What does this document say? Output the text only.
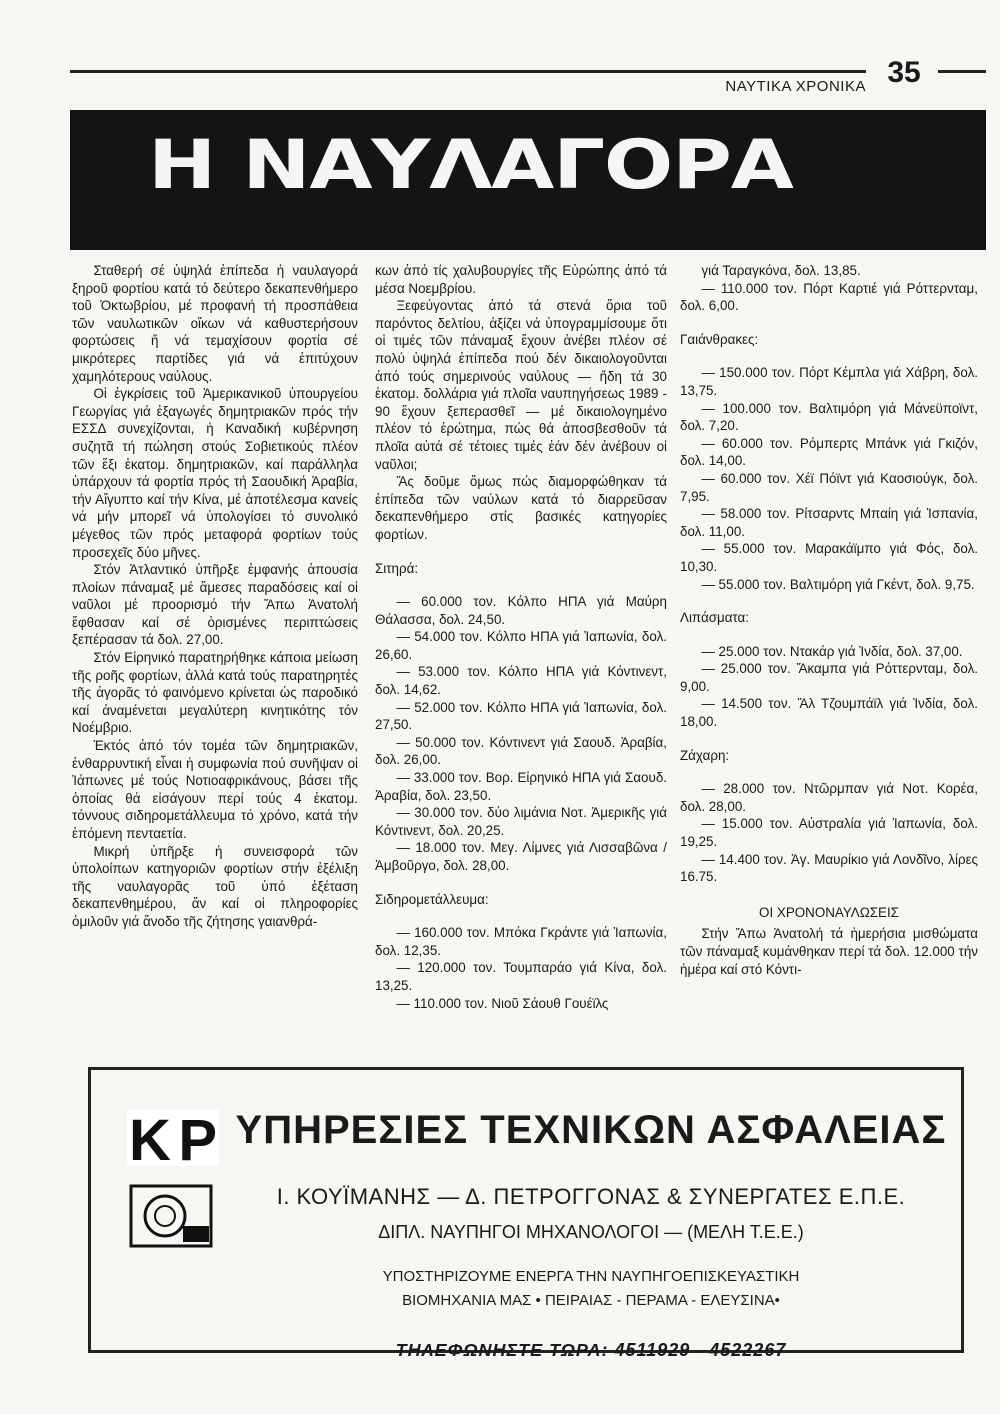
ΝΑΥΤΙΚΑ ΧΡΟΝΙΚΑ 35
Η ΝΑΥΛΑΓΟΡΑ

Σταθερή σέ ὑψηλά ἐπίπεδα ἡ ναυλαγορά ξηροῦ φορτίου κατά τό δεύτερο δεκαπενθήμερο τοῦ Ὀκτωβρίου, μέ προφανή τή προσπάθεια τῶν ναυλωτικῶν οἴκων νά καθυστερήσουν φορτώσεις ἤ νά τεμαχίσουν φορτία σέ μικρότερες παρτίδες γιά νά ἐπιτύχουν χαμηλότερους ναύλους.

Οἱ ἐγκρίσεις τοῦ Ἀμερικανικοῦ ὑπουργείου Γεωργίας γιά ἐξαγωγές δημητριακῶν πρός τήν ΕΣΣΔ συνεχίζονται, ἡ Καναδική κυβέρνηση συζητᾶ τή πώληση στούς Σοβιετικούς πλέον τῶν ἕξι ἑκατομ. δημητριακῶν, καί παράλληλα ὑπάρχουν τά φορτία πρός τή Σαουδική Ἀραβία, τήν Αἴγυπτο καί τήν Κίνα, μέ ἀποτέλεσμα κανείς νά μήν μπορεῖ νά ὑπολογίσει τό συνολικό μέγεθος τῶν πρός μεταφορά φορτίων τούς προσεχεῖς δύο μῆνες.

Στόν Ἀτλαντικό ὑπῆρξε ἐμφανής ἀπουσία πλοίων πάναμαξ μέ ἄμεσες παραδόσεις καί οἱ ναῦλοι μέ προορισμό τήν Ἄπω Ἀνατολή ἔφθασαν καί σέ ὁρισμένες περιπτώσεις ξεπέρασαν τά δολ. 27,00.

Στόν Εἰρηνικό παρατηρήθηκε κάποια μείωση τῆς ροῆς φορτίων, ἀλλά κατά τούς παρατηρητές τῆς ἀγορᾶς τό φαινόμενο κρίνεται ὡς παροδικό καί ἀναμένεται μεγαλύτερη κινητικότης τόν Νοέμβριο.

Ἐκτός ἀπό τόν τομέα τῶν δημητριακῶν, ἐνθαρρυντική εἶναι ἡ συμφωνία πού συνῆψαν οἱ Ἰάπωνες μέ τούς Νοτιοαφρικάνους, βάσει τῆς ὁποίας θά εἰσάγουν περί τούς 4 ἑκατομ. τόννους σιδηρομετάλλευμα τό χρόνο, κατά τήν ἑπόμενη πενταετία.

Μικρή ὑπῆρξε ἡ συνεισφορά τῶν ὑπολοίπων κατηγοριῶν φορτίων στήν ἐξέλιξη τῆς ναυλαγορᾶς τοῦ ὑπό ἐξέταση δεκαπενθημέρου, ἄν καί οἱ πληροφορίες ὁμιλοῦν γιά ἄνοδο τῆς ζήτησης γαιανθρά-

κων ἀπό τίς χαλυβουργίες τῆς Εὐρώπης ἀπό τά μέσα Νοεμβρίου.

Ξεφεύγοντας ἀπό τά στενά ὅρια τοῦ παρόντος δελτίου, ἀξίζει νά ὑπογραμμίσουμε ὅτι οἱ τιμές τῶν πάναμαξ ἔχουν ἀνέβει πλέον σέ πολύ ὑψηλά ἐπίπεδα πού δέν δικαιολογοῦνται ἀπό τούς σημερινούς ναύλους — ἤδη τά 30 ἑκατομ. δολλάρια γιά πλοῖα ναυπηγήσεως 1989 - 90 ἔχουν ξεπερασθεῖ — μέ δικαιολογημένο πλέον τό ἐρώτημα, πώς θά ἀποσβεσθοῦν τά πλοῖα αὐτά σέ τέτοιες τιμές ἐάν δέν ἀνέβουν οἱ ναῦλοι;

Ἄς δοῦμε ὅμως πώς διαμορφώθηκαν τά ἐπίπεδα τῶν ναύλων κατά τό διαρρεῦσαν δεκαπενθήμερο στίς βασικές κατηγορίες φορτίων.

Σιτηρά:

— 60.000 τον. Κόλπο ΗΠΑ γιά Μαύρη Θάλασσα, δολ. 24,50.

— 54.000 τον. Κόλπο ΗΠΑ γιά Ἰαπωνία, δολ. 26,60.

— 53.000 τον. Κόλπο ΗΠΑ γιά Κόντινεντ, δολ. 14,62.

— 52.000 τον. Κόλπο ΗΠΑ γιά Ἰαπωνία, δολ. 27,50.

— 50.000 τον. Κόντινεντ γιά Σαουδ. Ἀραβία, δολ. 26,00.

— 33.000 τον. Βορ. Εἰρηνικό ΗΠΑ γιά Σαουδ. Ἀραβία, δολ. 23,50.

— 30.000 τον. δύο λιμάνια Νοτ. Ἀμερικῆς γιά Κόντινεντ, δολ. 20,25.

— 18.000 τον. Μεγ. Λίμνες γιά Λισσαβῶνα / Ἀμβοῦργο, δολ. 28,00.

Σιδηρομετάλλευμα:

— 160.000 τον. Μπόκα Γκράντε γιά Ἰαπωνία, δολ. 12,35.

— 120.000 τον. Τουμπαράο γιά Κίνα, δολ. 13,25.

— 110.000 τον. Νιοῦ Σάουθ Γουέϊλς

γιά Ταραγκόνα, δολ. 13,85.

— 110.000 τον. Πόρτ Καρτιέ γιά Ρόττερνταμ, δολ. 6,00.

Γαιάνθρακες:

— 150.000 τον. Πόρτ Κέμπλα γιά Χάβρη, δολ. 13,75.

— 100.000 τον. Βαλτιμόρη γιά Μάνεϋποϊντ, δολ. 7,20.

— 60.000 τον. Ρόμπερτς Μπάνκ γιά Γκιζόν, δολ. 14,00.

— 60.000 τον. Χέϊ Πόϊντ γιά Καοσιούγκ, δολ. 7,95.

— 58.000 τον. Ρίτσαρντς Μπαίη γιά Ἰσπανία, δολ. 11,00.

— 55.000 τον. Μαρακάϊμπο γιά Φός, δολ. 10,30.

— 55.000 τον. Βαλτιμόρη γιά Γκέντ, δολ. 9,75.

Λιπάσματα:

— 25.000 τον. Ντακάρ γιά Ἰνδία, δολ. 37,00.

— 25.000 τον. Ἄκαμπα γιά Ρόττερνταμ, δολ. 9,00.

— 14.500 τον. Ἄλ Τζουμπάϊλ γιά Ἰνδία, δολ. 18,00.

Ζάχαρη:

— 28.000 τον. Ντῶρμπαν γιά Νοτ. Κορέα, δολ. 28,00.

— 15.000 τον. Αὐστραλία γιά Ἰαπωνία, δολ. 19,25.

— 14.400 τον. Ἀγ. Μαυρίκιο γιά Λονδῖνο, λίρες 16.75.

ΟΙ ΧΡΟΝΟΝΑΥΛΩΣΕΙΣ

Στήν Ἄπω Ἀνατολή τά ἡμερήσια μισθώματα τῶν πάναμαξ κυμάνθηκαν περί τά δολ. 12.000 τήν ἡμέρα καί στό Κόντι-

ΚΡ ΥΠΗΡΕΣΙΕΣ ΤΕΧΝΙΚΩΝ ΑΣΦΑΛΕΙΑΣ
Ι. ΚΟΥΪΜΑΝΗΣ — Δ. ΠΕΤΡΟΓΓΟΝΑΣ & ΣΥΝΕΡΓΑΤΕΣ Ε.Π.Ε.
ΔΙΠΛ. ΝΑΥΠΗΓΟΙ ΜΗΧΑΝΟΛΟΓΟΙ — (ΜΕΛΗ Τ.Ε.Ε.)
ΥΠΟΣΤΗΡΙΖΟΥΜΕ ΕΝΕΡΓΑ ΤΗΝ ΝΑΥΠΗΓΟΕΠΙΣΚΕΥΑΣΤΙΚΗ
ΒΙΟΜΗΧΑΝΙΑ ΜΑΣ • ΠΕΙΡΑΙΑΣ - ΠΕΡΑΜΑ - ΕΛΕΥΣΙΝΑ•
ΤΗΛΕΦΩΝΗΣΤΕ ΤΩΡΑ: 4511929 - 4522267
